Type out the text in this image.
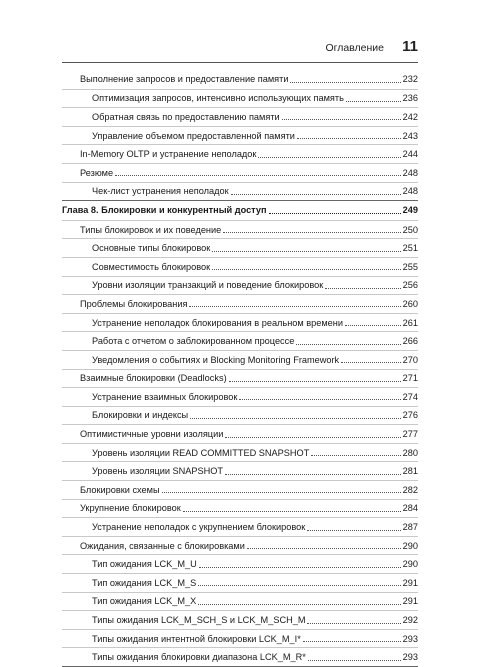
Оглавление 11
Выполнение запросов и предоставление памяти	232
Оптимизация запросов, интенсивно использующих память	236
Обратная связь по предоставлению памяти	242
Управление объемом предоставленной памяти	243
In-Memory OLTP и устранение неполадок	244
Резюме	248
Чек-лист устранения неполадок	248
Глава 8. Блокировки и конкурентный доступ	249
Типы блокировок и их поведение	250
Основные типы блокировок	251
Совместимость блокировок	255
Уровни изоляции транзакций и поведение блокировок	256
Проблемы блокирования	260
Устранение неполадок блокирования в реальном времени	261
Работа с отчетом о заблокированном процессе	266
Уведомления о событиях и Blocking Monitoring Framework	270
Взаимные блокировки (Deadlocks)	271
Устранение взаимных блокировок	274
Блокировки и индексы	276
Оптимистичные уровни изоляции	277
Уровень изоляции READ COMMITTED SNAPSHOT	280
Уровень изоляции SNAPSHOT	281
Блокировки схемы	282
Укрупнение блокировок	284
Устранение неполадок с укрупнением блокировок	287
Ожидания, связанные с блокировками	290
Тип ожидания LCK_M_U	290
Тип ожидания LCK_M_S	291
Тип ожидания LCK_M_X	291
Типы ожидания LCK_M_SCH_S и LCK_M_SCH_M	292
Типы ожидания интентной блокировки LCK_M_I*	293
Типы ожидания блокировки диапазона LCK_M_R*	293
